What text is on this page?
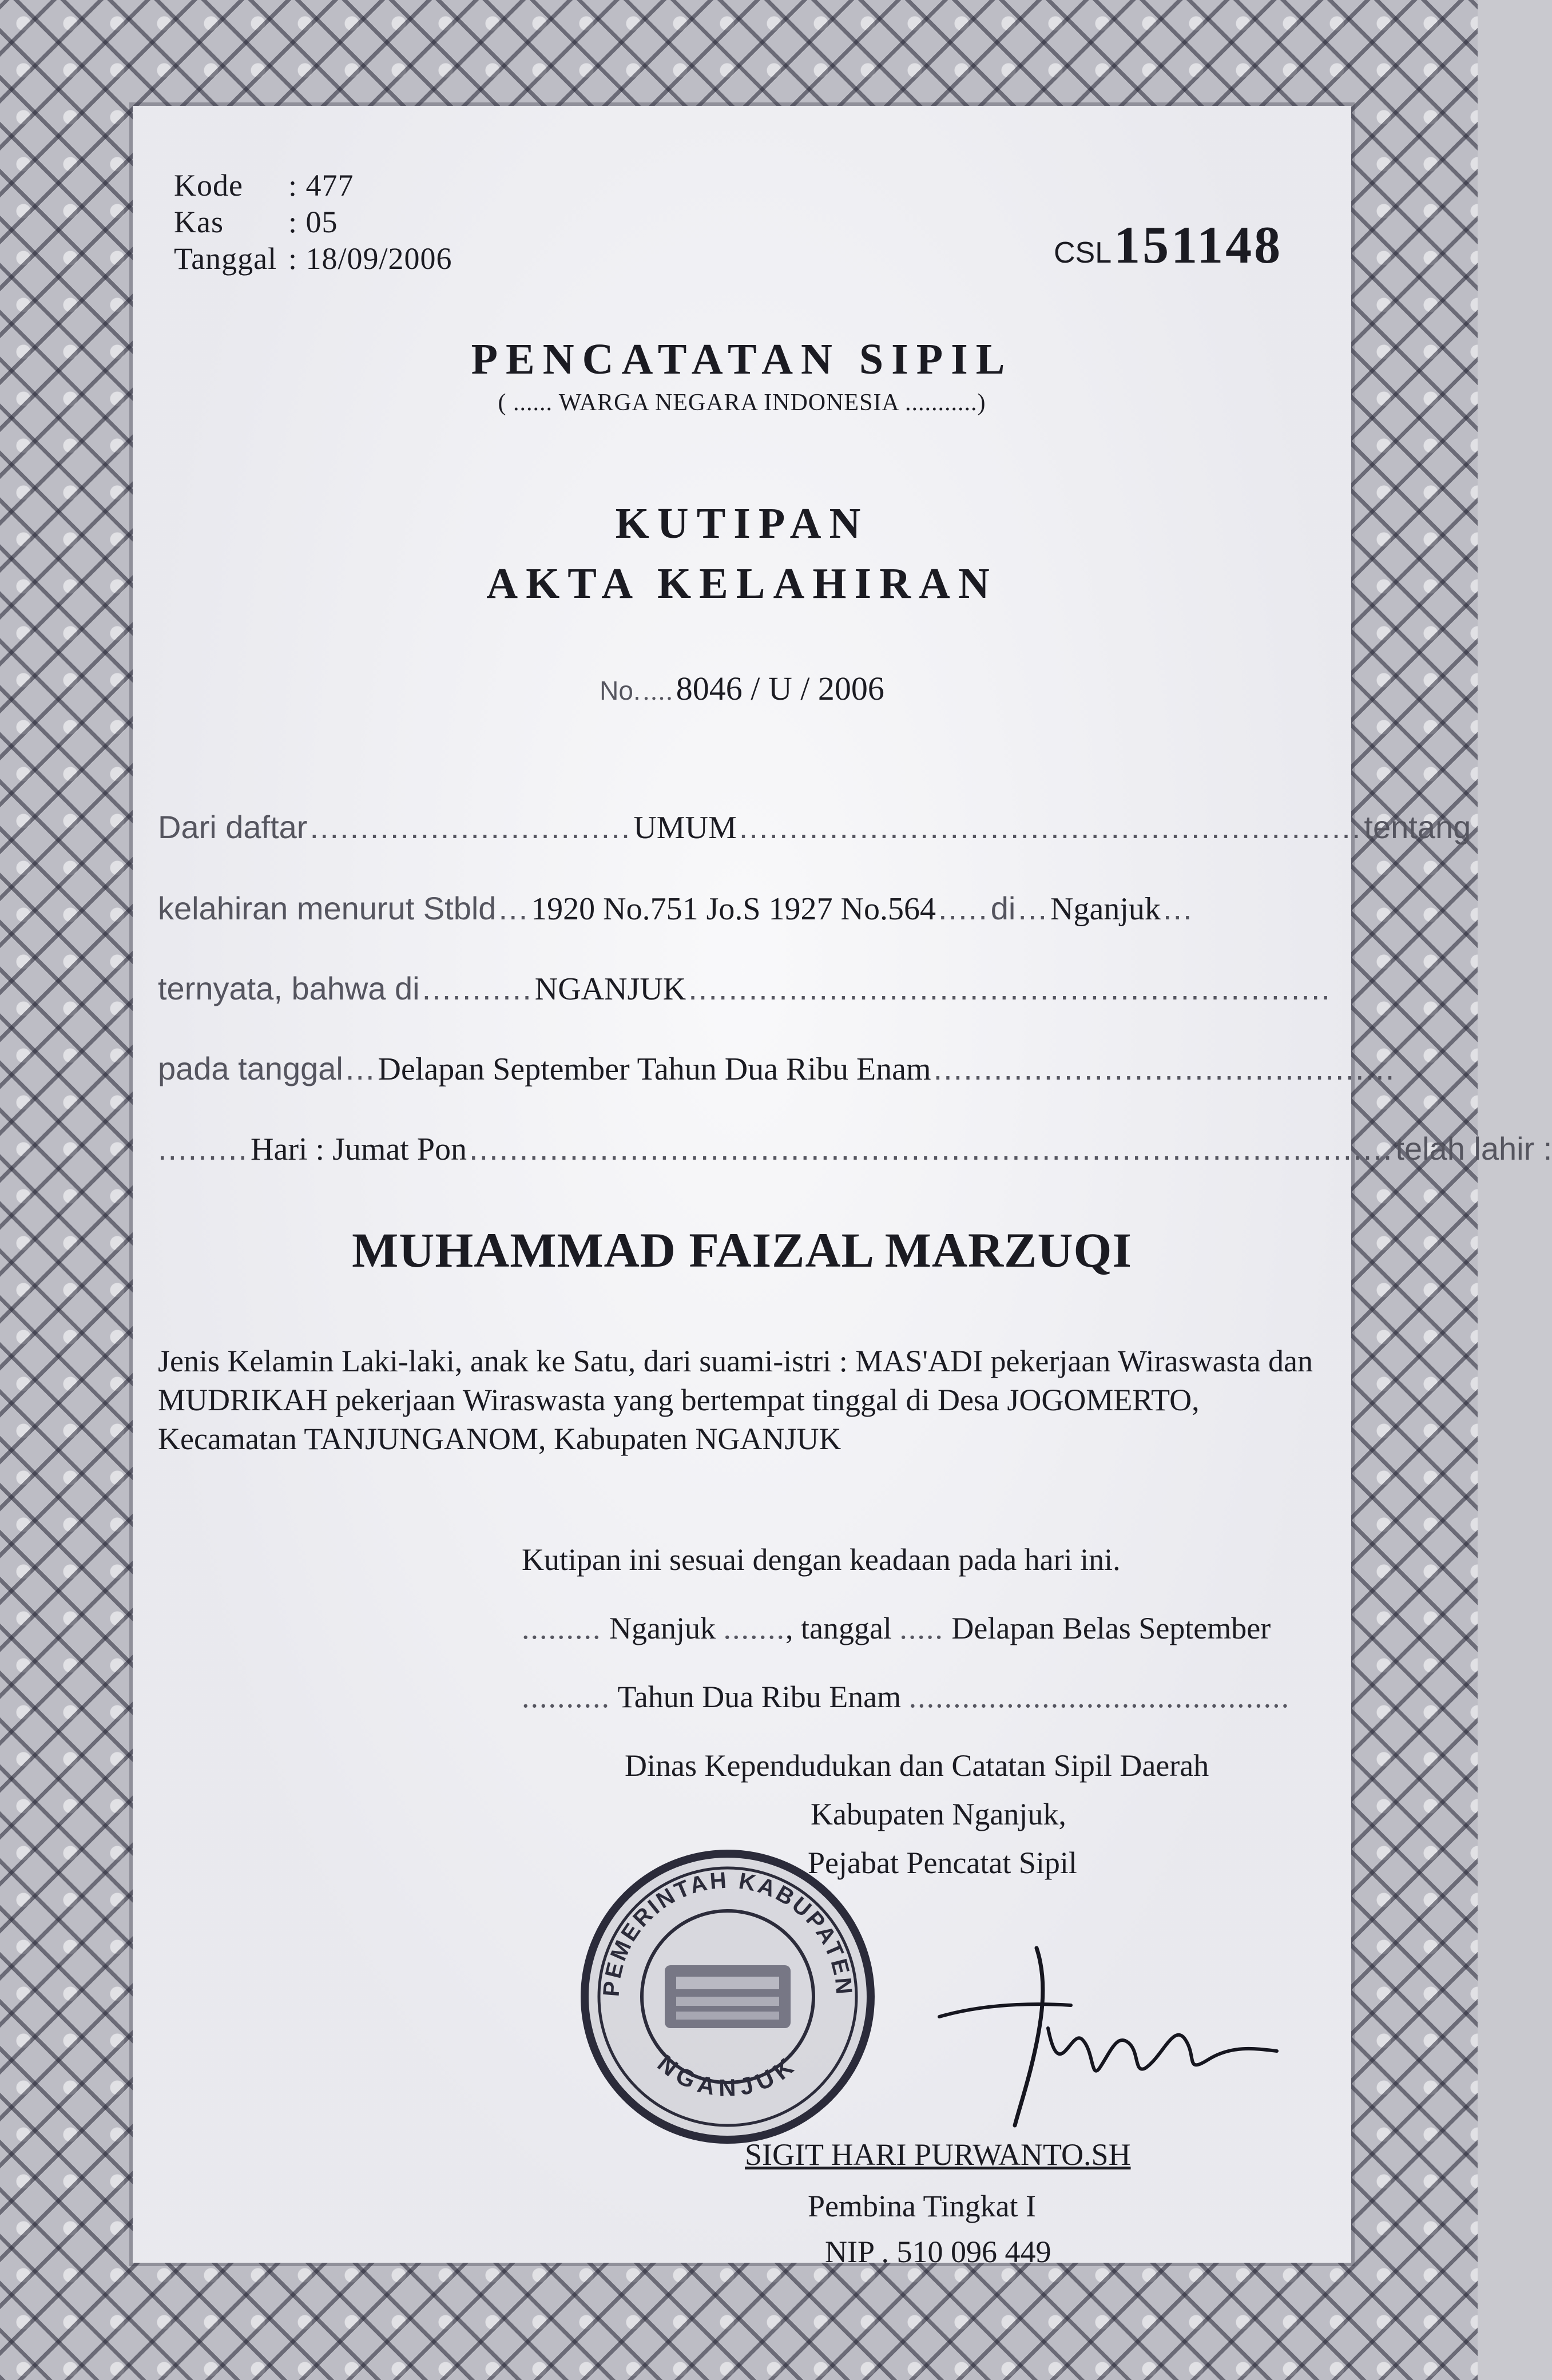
Kode : 477
Kas : 05
Tanggal : 18/09/2006	CSL 151148
PENCATATAN SIPIL
( ...... WARGA NEGARA INDONESIA ...........)
KUTIPAN
AKTA KELAHIRAN
No. .... 8046 / U / 2006
Dari daftar ................................ UMUM .............................................................. tentang
kelahiran menurut Stbld ... 1920 No.751 Jo.S 1927 No.564 ..... di ... Nganjuk ...
ternyata, bahwa di ........... NGANJUK ................................................................
pada tanggal ... Delapan September Tahun Dua Ribu Enam ..............................................
......... Hari : Jumat Pon ............................................................................................ telah lahir :
MUHAMMAD FAIZAL MARZUQI
Jenis Kelamin Laki-laki, anak ke Satu, dari suami-istri : MAS'ADI pekerjaan Wiraswasta dan MUDRIKAH pekerjaan Wiraswasta yang bertempat tinggal di Desa JOGOMERTO, Kecamatan TANJUNGANOM, Kabupaten NGANJUK
Kutipan ini sesuai dengan keadaan pada hari ini.
......... Nganjuk ......., tanggal ..... Delapan Belas September
.......... Tahun Dua Ribu Enam ...........................................
Dinas Kependudukan dan Catatan Sipil Daerah
Kabupaten Nganjuk,
Pejabat Pencatat Sipil
SIGIT HARI PURWANTO.SH
Pembina Tingkat I
NIP . 510 096 449
PEMERINTAH KABUPATEN
NGANJUK
